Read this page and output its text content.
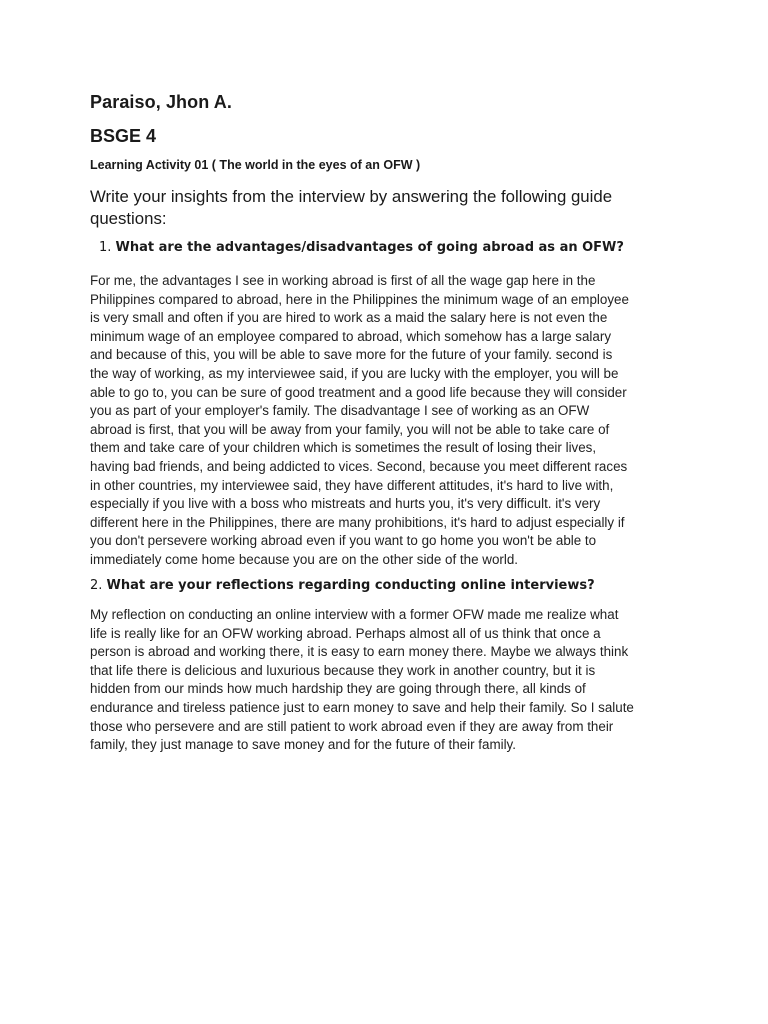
Paraiso, Jhon A.
BSGE 4
Learning Activity 01 ( The world in the eyes of an OFW )
Write your insights from the interview by answering the following guide questions:
1. What are the advantages/disadvantages of going abroad as an OFW?
For me, the advantages I see in working abroad is first of all the wage gap here in the
Philippines compared to abroad, here in the Philippines the minimum wage of an employee
is very small and often if you are hired to work as a maid the salary here is not even the
minimum wage of an employee compared to abroad, which somehow has a large salary
and because of this, you will be able to save more for the future of your family. second is
the way of working, as my interviewee said, if you are lucky with the employer, you will be
able to go to, you can be sure of good treatment and a good life because they will consider
you as part of your employer's family. The disadvantage I see of working as an OFW
abroad is first, that you will be away from your family, you will not be able to take care of
them and take care of your children which is sometimes the result of losing their lives,
having bad friends, and being addicted to vices. Second, because you meet different races
in other countries, my interviewee said, they have different attitudes, it's hard to live with,
especially if you live with a boss who mistreats and hurts you, it's very difficult. it's very
different here in the Philippines, there are many prohibitions, it's hard to adjust especially if
you don't persevere working abroad even if you want to go home you won't be able to
immediately come home because you are on the other side of the world.
2. What are your reflections regarding conducting online interviews?
My reflection on conducting an online interview with a former OFW made me realize what
life is really like for an OFW working abroad. Perhaps almost all of us think that once a
person is abroad and working there, it is easy to earn money there. Maybe we always think
that life there is delicious and luxurious because they work in another country, but it is
hidden from our minds how much hardship they are going through there, all kinds of
endurance and tireless patience just to earn money to save and help their family. So I salute
those who persevere and are still patient to work abroad even if they are away from their
family, they just manage to save money and for the future of their family.
